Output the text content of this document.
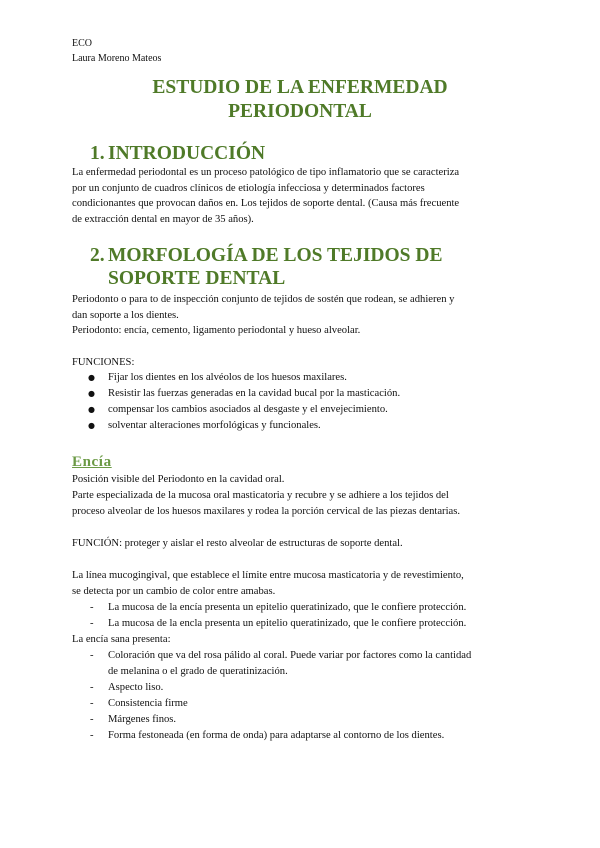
ECO

Laura Moreno Mateos

ESTUDIO DE LA ENFERMEDAD

PERIODONTAL

1. INTRODUCCIÓN

La enfermedad periodontal es un proceso patológico de tipo inflamatorio que se caracteriza

por un conjunto de cuadros clínicos de etiología infecciosa y determinados factores

condicionantes que provocan daños en. Los tejidos de soporte dental. (Causa más frecuente

de extracción dental en mayor de 35 años).

2. MORFOLOGÍA DE LOS TEJIDOS DE

SOPORTE DENTAL

Periodonto o para to de inspección conjunto de tejidos de sostén que rodean, se adhieren y

dan soporte a los dientes.

Periodonto: encía, cemento, ligamento periodontal y hueso alveolar.

FUNCIONES:

● Fijar los dientes en los alvéolos de los huesos maxilares.

● Resistir las fuerzas generadas en la cavidad bucal por la masticación.

● compensar los cambios asociados al desgaste y el envejecimiento.

● solventar alteraciones morfológicas y funcionales.

Encía

Posición visible del Periodonto en la cavidad oral.

Parte especializada de la mucosa oral masticatoria y recubre y se adhiere a los tejidos del

proceso alveolar de los huesos maxilares y rodea la porción cervical de las piezas dentarias.

FUNCIÓN: proteger y aislar el resto alveolar de estructuras de soporte dental.

La línea mucogingival, que establece el límite entre mucosa masticatoria y de revestimiento,

se detecta por un cambio de color entre amabas.

- La mucosa de la encía presenta un epitelio queratinizado, que le confiere protección.

- La mucosa de la encla presenta un epitelio queratinizado, que le confiere protección.

La encía sana presenta:

- Coloración que va del rosa pálido al coral. Puede variar por factores como la cantidad

de melanina o el grado de queratinización.

- Aspecto liso.

- Consistencia firme

- Márgenes finos.

- Forma festoneada (en forma de onda) para adaptarse al contorno de los dientes.
